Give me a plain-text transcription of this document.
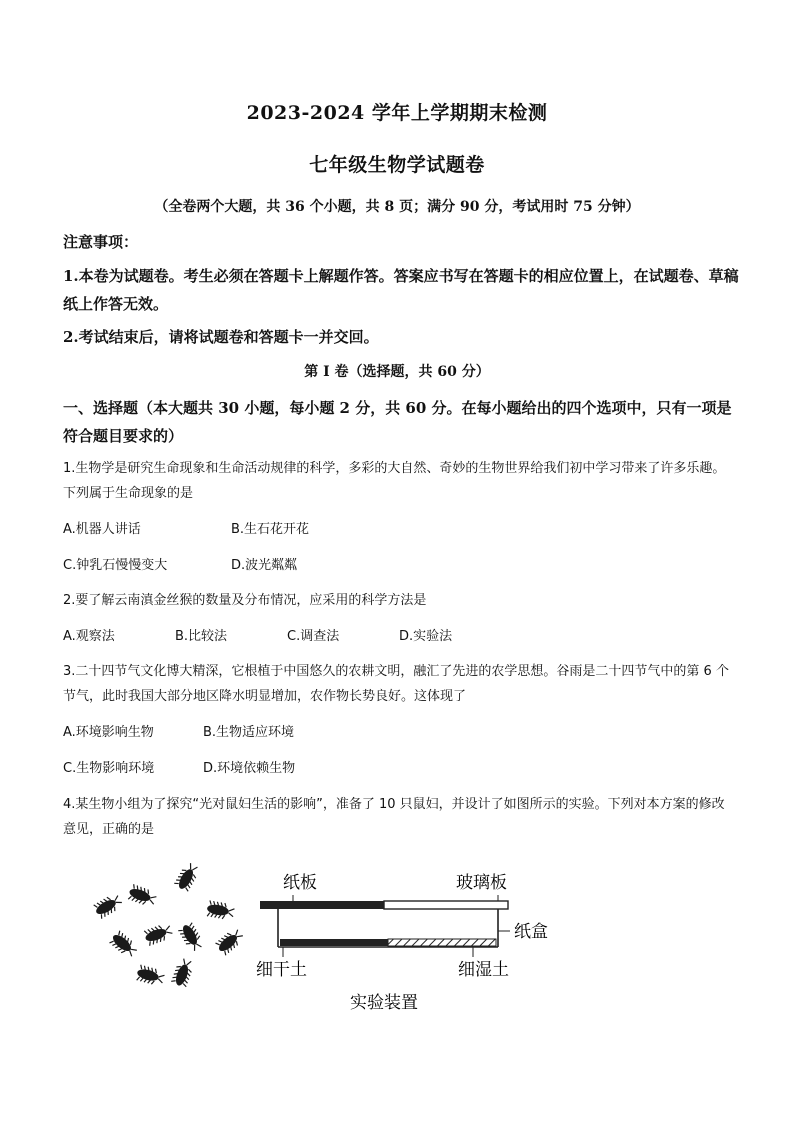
2023-2024 学年上学期期末检测
七年级生物学试题卷
（全卷两个大题，共 36 个小题，共 8 页；满分 90 分，考试用时 75 分钟）
注意事项：
1.本卷为试题卷。考生必须在答题卡上解题作答。答案应书写在答题卡的相应位置上，在试题卷、草稿纸上作答无效。
2.考试结束后，请将试题卷和答题卡一并交回。
第 I 卷（选择题，共 60 分）
一、选择题（本大题共 30 小题，每小题 2 分，共 60 分。在每小题给出的四个选项中，只有一项是符合题目要求的）
1.生物学是研究生命现象和生命活动规律的科学，多彩的大自然、奇妙的生物世界给我们初中学习带来了许多乐趣。下列属于生命现象的是
A.机器人讲话	B.生石花开花
C.钟乳石慢慢变大	D.波光粼粼
2.要了解云南滇金丝猴的数量及分布情况，应采用的科学方法是
A.观察法	B.比较法	C.调查法	D.实验法
3.二十四节气文化博大精深，它根植于中国悠久的农耕文明，融汇了先进的农学思想。谷雨是二十四节气中的第 6 个节气，此时我国大部分地区降水明显增加，农作物长势良好。这体现了
A.环境影响生物	B.生物适应环境
C.生物影响环境	D.环境依赖生物
4.某生物小组为了探究“光对鼠妇生活的影响”，准备了 10 只鼠妇，并设计了如图所示的实验。下列对本方案的修改意见，正确的是
纸板	玻璃板
纸盒
细干土	细湿土
实验装置
